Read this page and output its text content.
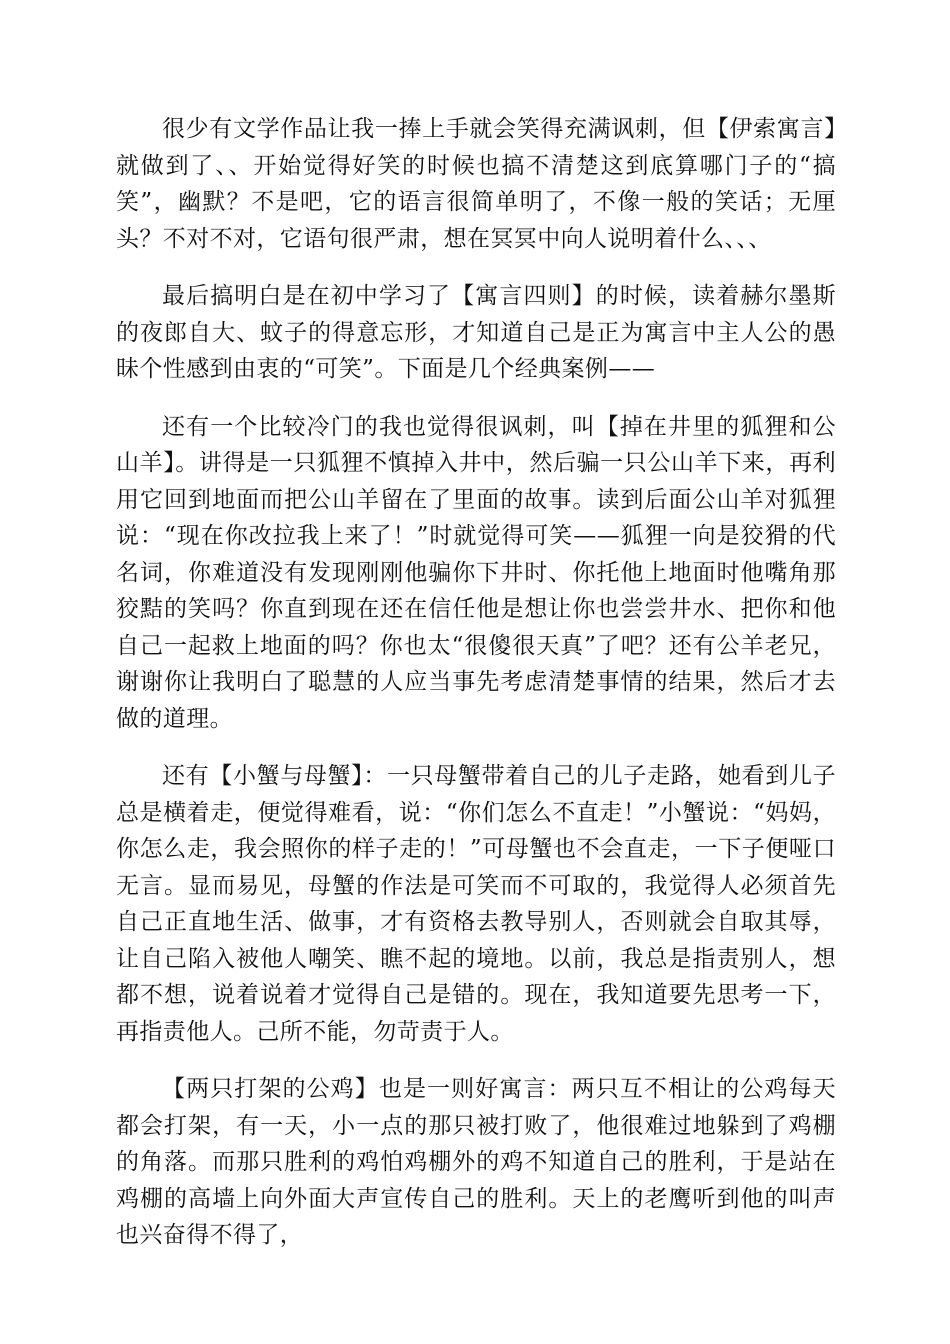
很少有文学作品让我一捧上手就会笑得充满讽刺，但【伊索寓言】就做到了、、开始觉得好笑的时候也搞不清楚这到底算哪门子的“搞笑”，幽默？不是吧，它的语言很简单明了，不像一般的笑话；无厘头？不对不对，它语句很严肃，想在冥冥中向人说明着什么、、、

最后搞明白是在初中学习了【寓言四则】的时候，读着赫尔墨斯的夜郎自大、蚊子的得意忘形，才知道自己是正为寓言中主人公的愚昧个性感到由衷的“可笑”。下面是几个经典案例——

还有一个比较冷门的我也觉得很讽刺，叫【掉在井里的狐狸和公山羊】。讲得是一只狐狸不慎掉入井中，然后骗一只公山羊下来，再利用它回到地面而把公山羊留在了里面的故事。读到后面公山羊对狐狸说：“现在你改拉我上来了！”时就觉得可笑——狐狸一向是狡猾的代名词，你难道没有发现刚刚他骗你下井时、你托他上地面时他嘴角那狡黠的笑吗？你直到现在还在信任他是想让你也尝尝井水、把你和他自己一起救上地面的吗？你也太“很傻很天真”了吧？还有公羊老兄，谢谢你让我明白了聪慧的人应当事先考虑清楚事情的结果，然后才去做的道理。

还有【小蟹与母蟹】：一只母蟹带着自己的儿子走路，她看到儿子总是横着走，便觉得难看，说：“你们怎么不直走！”小蟹说：“妈妈，你怎么走，我会照你的样子走的！”可母蟹也不会直走，一下子便哑口无言。显而易见，母蟹的作法是可笑而不可取的，我觉得人必须首先自己正直地生活、做事，才有资格去教导别人，否则就会自取其辱，让自己陷入被他人嘲笑、瞧不起的境地。以前，我总是指责别人，想都不想，说着说着才觉得自己是错的。现在，我知道要先思考一下，再指责他人。己所不能，勿苛责于人。

【两只打架的公鸡】也是一则好寓言：两只互不相让的公鸡每天都会打架，有一天，小一点的那只被打败了，他很难过地躲到了鸡棚的角落。而那只胜利的鸡怕鸡棚外的鸡不知道自己的胜利，于是站在鸡棚的高墙上向外面大声宣传自己的胜利。天上的老鹰听到他的叫声也兴奋得不得了，
